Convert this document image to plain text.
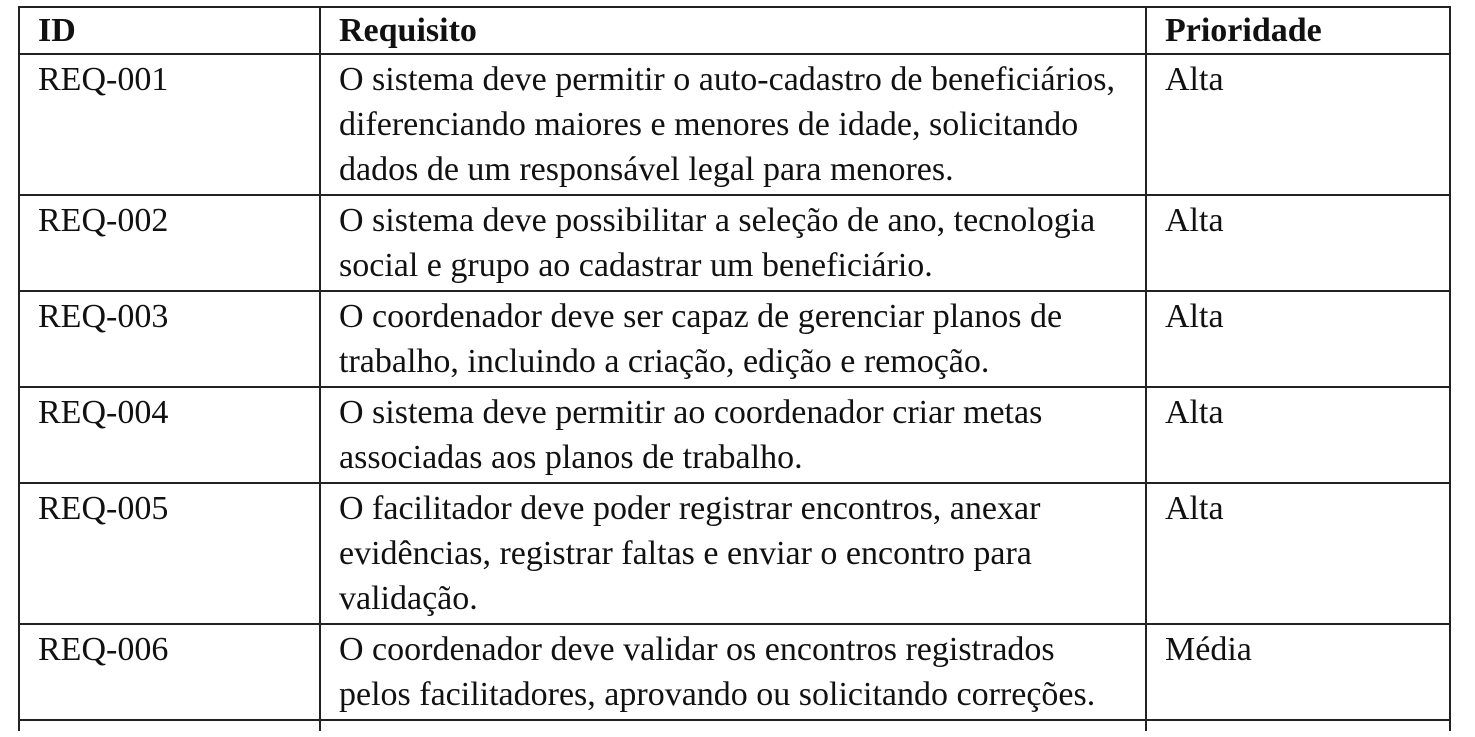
ID	Requisito	Prioridade
REQ-001	O sistema deve permitir o auto-cadastro de beneficiários, diferenciando maiores e menores de idade, solicitando dados de um responsável legal para menores.	Alta
REQ-002	O sistema deve possibilitar a seleção de ano, tecnologia social e grupo ao cadastrar um beneficiário.	Alta
REQ-003	O coordenador deve ser capaz de gerenciar planos de trabalho, incluindo a criação, edição e remoção.	Alta
REQ-004	O sistema deve permitir ao coordenador criar metas associadas aos planos de trabalho.	Alta
REQ-005	O facilitador deve poder registrar encontros, anexar evidências, registrar faltas e enviar o encontro para validação.	Alta
REQ-006	O coordenador deve validar os encontros registrados pelos facilitadores, aprovando ou solicitando correções.	Média
